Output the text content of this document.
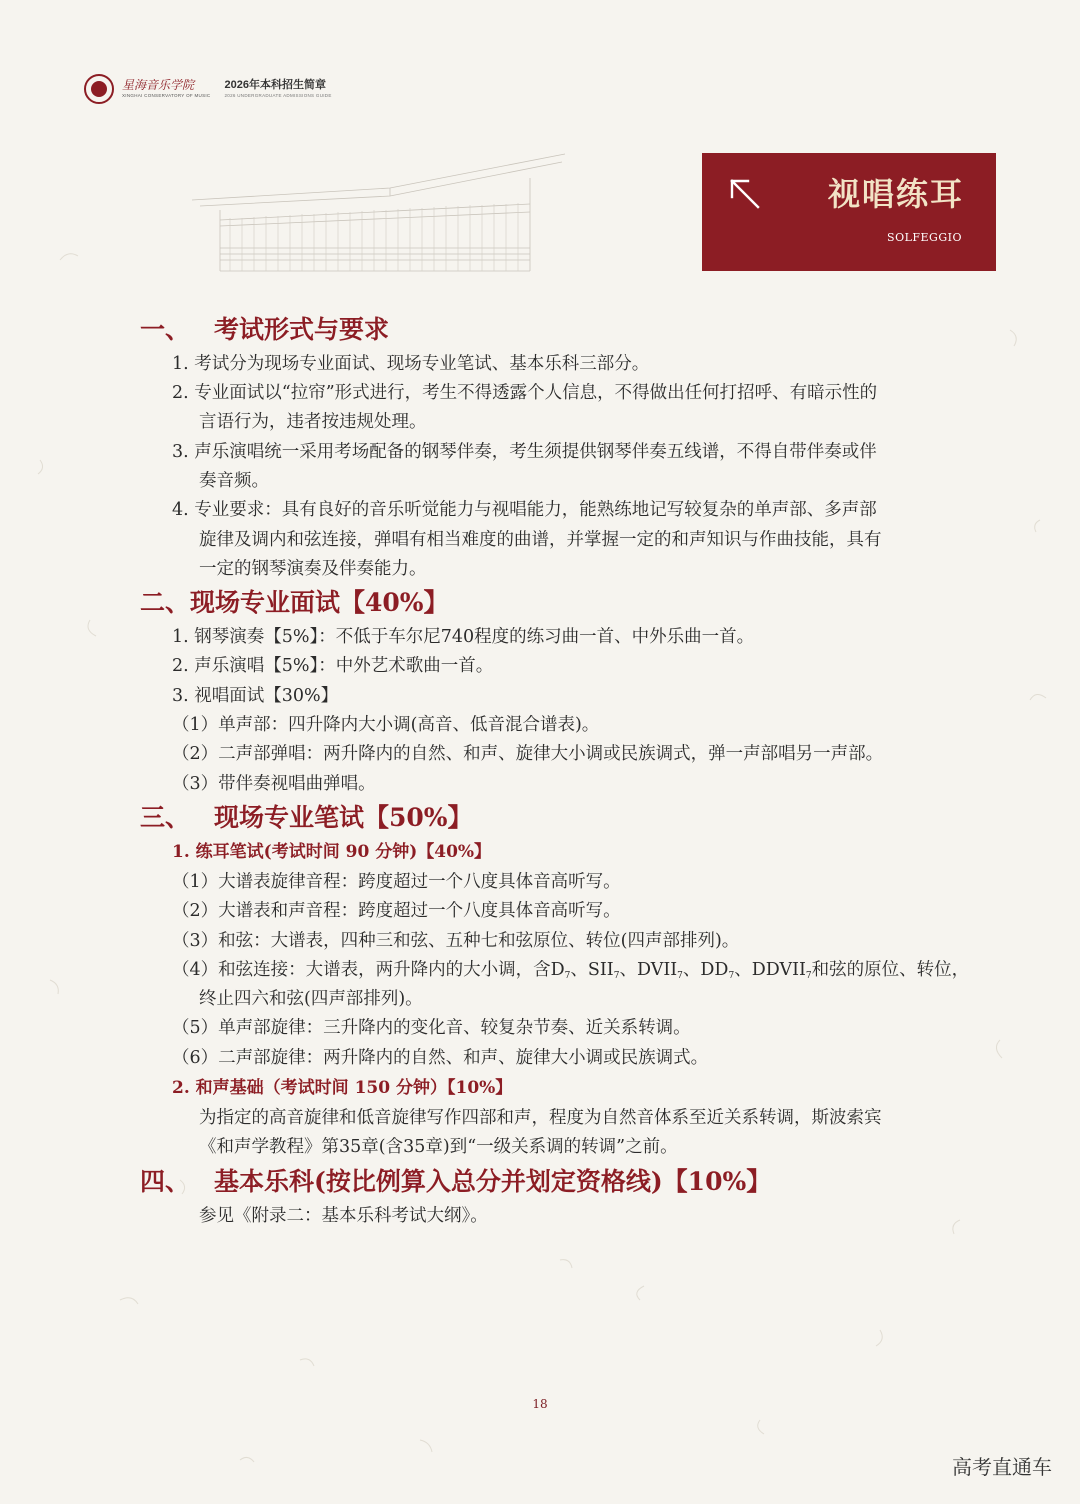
星海音乐学院
XINGHAI CONSERVATORY OF MUSIC
2026年本科招生简章
2026 UNDERGRADUATE ADMISSIONS GUIDE
视唱练耳
SOLFEGGIO
一、 考试形式与要求
1. 考试分为现场专业面试、现场专业笔试、基本乐科三部分。
2. 专业面试以“拉帘”形式进行，考生不得透露个人信息，不得做出任何打招呼、有暗示性的
言语行为，违者按违规处理。
3. 声乐演唱统一采用考场配备的钢琴伴奏，考生须提供钢琴伴奏五线谱，不得自带伴奏或伴
奏音频。
4. 专业要求：具有良好的音乐听觉能力与视唱能力，能熟练地记写较复杂的单声部、多声部
旋律及调内和弦连接，弹唱有相当难度的曲谱，并掌握一定的和声知识与作曲技能，具有
一定的钢琴演奏及伴奏能力。
二、 现场专业面试【40%】
1. 钢琴演奏【5%】：不低于车尔尼740程度的练习曲一首、中外乐曲一首。
2. 声乐演唱【5%】：中外艺术歌曲一首。
3. 视唱面试【30%】
（1）单声部：四升降内大小调(高音、低音混合谱表)。
（2）二声部弹唱：两升降内的自然、和声、旋律大小调或民族调式，弹一声部唱另一声部。
（3）带伴奏视唱曲弹唱。
三、 现场专业笔试【50%】
1. 练耳笔试(考试时间 90 分钟)【40%】
（1）大谱表旋律音程：跨度超过一个八度具体音高听写。
（2）大谱表和声音程：跨度超过一个八度具体音高听写。
（3）和弦：大谱表，四种三和弦、五种七和弦原位、转位(四声部排列)。
（4）和弦连接：大谱表，两升降内的大小调，含$D_7$、$SII_7$、$DVII_7$、$DD_7$、$DDVII_7$和弦的原位、转位，
终止四六和弦(四声部排列)。
（5）单声部旋律：三升降内的变化音、较复杂节奏、近关系转调。
（6）二声部旋律：两升降内的自然、和声、旋律大小调或民族调式。
2. 和声基础（考试时间 150 分钟）【10%】
为指定的高音旋律和低音旋律写作四部和声，程度为自然音体系至近关系转调，斯波索宾
《和声学教程》第35章(含35章)到“一级关系调的转调”之前。
四、 基本乐科(按比例算入总分并划定资格线)【10%】
参见《附录二：基本乐科考试大纲》。
18
高考直通车
